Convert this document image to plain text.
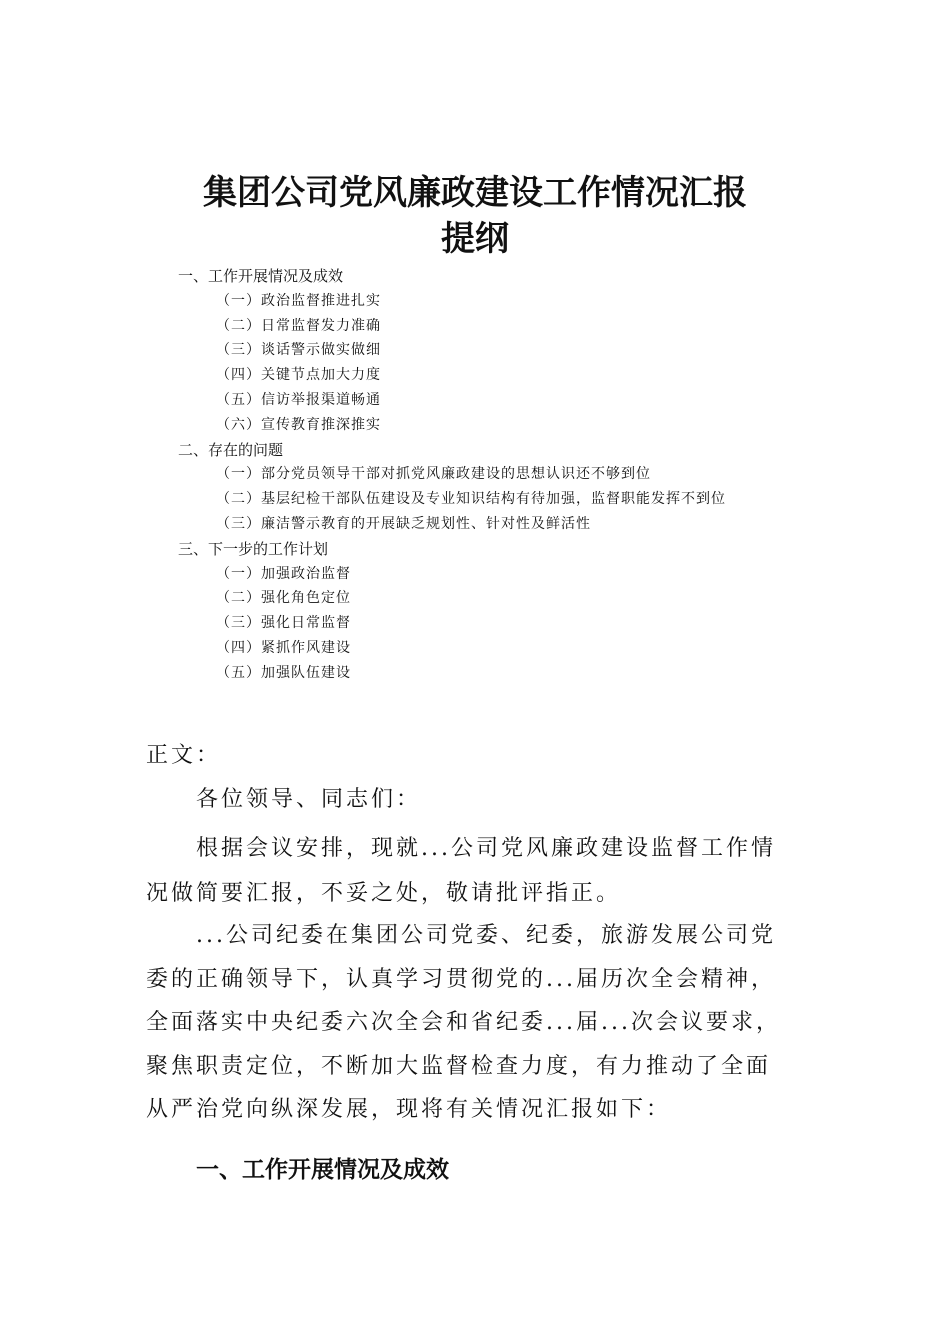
集团公司党风廉政建设工作情况汇报
提纲
一、工作开展情况及成效
（一）政治监督推进扎实
（二）日常监督发力准确
（三）谈话警示做实做细
（四）关键节点加大力度
（五）信访举报渠道畅通
（六）宣传教育推深推实
二、存在的问题
（一）部分党员领导干部对抓党风廉政建设的思想认识还不够到位
（二）基层纪检干部队伍建设及专业知识结构有待加强，监督职能发挥不到位
（三）廉洁警示教育的开展缺乏规划性、针对性及鲜活性
三、下一步的工作计划
（一）加强政治监督
（二）强化角色定位
（三）强化日常监督
（四）紧抓作风建设
（五）加强队伍建设
正文：
各位领导、同志们：
根据会议安排，现就...公司党风廉政建设监督工作情
况做简要汇报，不妥之处，敬请批评指正。
...公司纪委在集团公司党委、纪委，旅游发展公司党
委的正确领导下，认真学习贯彻党的...届历次全会精神，
全面落实中央纪委六次全会和省纪委...届...次会议要求，
聚焦职责定位，不断加大监督检查力度，有力推动了全面
从严治党向纵深发展，现将有关情况汇报如下：
一、工作开展情况及成效
